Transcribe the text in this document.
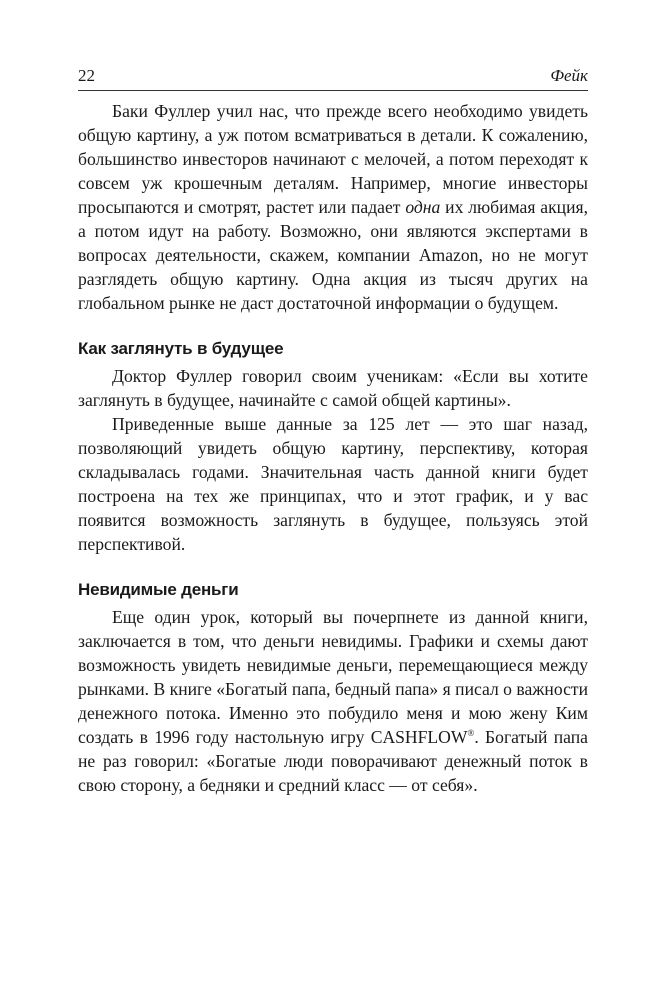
22	Фейк

Баки Фуллер учил нас, что прежде всего необходимо увидеть общую картину, а уж потом всматриваться в детали. К сожалению, большинство инвесторов начинают с мелочей, а потом переходят к совсем уж крошечным деталям. Например, многие инвесторы просыпаются и смотрят, растет или падает одна их любимая акция, а потом идут на работу. Возможно, они являются экспертами в вопросах деятельности, скажем, компании Amazon, но не могут разглядеть общую картину. Одна акция из тысяч других на глобальном рынке не даст достаточной информации о будущем.

Как заглянуть в будущее

Доктор Фуллер говорил своим ученикам: «Если вы хотите заглянуть в будущее, начинайте с самой общей картины».

Приведенные выше данные за 125 лет — это шаг назад, позволяющий увидеть общую картину, перспективу, которая складывалась годами. Значительная часть данной книги будет построена на тех же принципах, что и этот график, и у вас появится возможность заглянуть в будущее, пользуясь этой перспективой.

Невидимые деньги

Еще один урок, который вы почерпнете из данной книги, заключается в том, что деньги невидимы. Графики и схемы дают возможность увидеть невидимые деньги, перемещающиеся между рынками. В книге «Богатый папа, бедный папа» я писал о важности денежного потока. Именно это побудило меня и мою жену Ким создать в 1996 году настольную игру CASHFLOW®. Богатый папа не раз говорил: «Богатые люди поворачивают денежный поток в свою сторону, а бедняки и средний класс — от себя».
